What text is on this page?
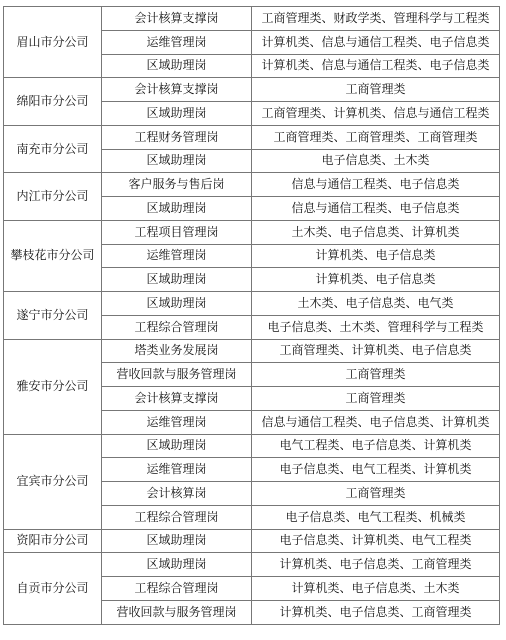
眉山市分公司	会计核算支撑岗	工商管理类、财政学类、管理科学与工程类
	运维管理岗	计算机类、信息与通信工程类、电子信息类
	区域助理岗	计算机类、信息与通信工程类、电子信息类
绵阳市分公司	会计核算支撑岗	工商管理类
	区域助理岗	工商管理类、计算机类、信息与通信工程类
南充市分公司	工程财务管理岗	工商管理类、工商管理类、工商管理类
	区域助理岗	电子信息类、土木类
内江市分公司	客户服务与售后岗	信息与通信工程类、电子信息类
	区域助理岗	信息与通信工程类、电子信息类
攀枝花市分公司	工程项目管理岗	土木类、电子信息类、计算机类
	运维管理岗	计算机类、电子信息类
	区域助理岗	计算机类、电子信息类
遂宁市分公司	区域助理岗	土木类、电子信息类、电气类
	工程综合管理岗	电子信息类、土木类、管理科学与工程类
雅安市分公司	塔类业务发展岗	工商管理类、计算机类、电子信息类
	营收回款与服务管理岗	工商管理类
	会计核算支撑岗	工商管理类
	运维管理岗	信息与通信工程类、电子信息类、计算机类
宜宾市分公司	区域助理岗	电气工程类、电子信息类、计算机类
	运维管理岗	电子信息类、电气工程类、计算机类
	会计核算岗	工商管理类
	工程综合管理岗	电子信息类、电气工程类、机械类
资阳市分公司	区域助理岗	电子信息类、计算机类、电气工程类
自贡市分公司	区域助理岗	计算机类、电子信息类、工商管理类
	工程综合管理岗	计算机类、电子信息类、土木类
	营收回款与服务管理岗	计算机类、电子信息类、工商管理类
